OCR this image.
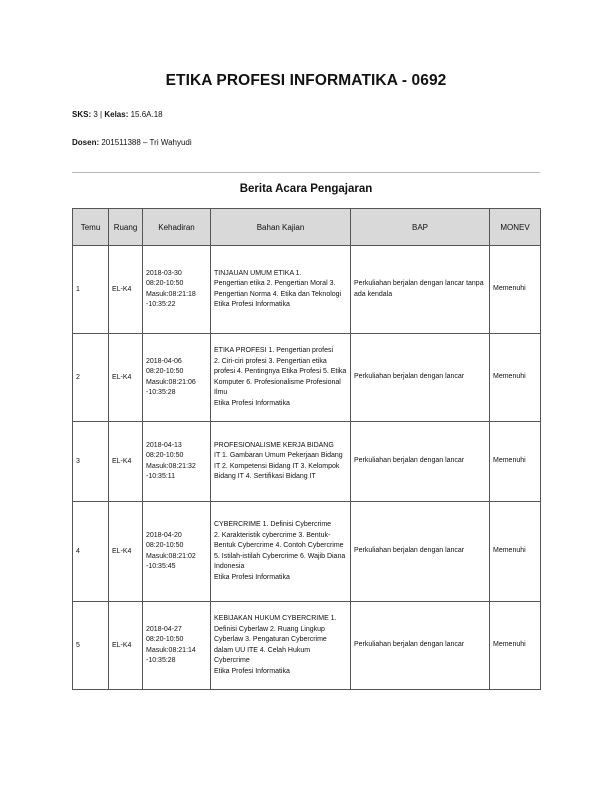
ETIKA PROFESI INFORMATIKA - 0692
SKS: 3 | Kelas: 15.6A.18
Dosen: 201511388 – Tri Wahyudi
Berita Acara Pengajaran
Temu	Ruang	Kehadiran	Bahan Kajian	BAP	MONEV
1	EL-K4	2018-03-30
08:20-10:50
Masuk:08:21:18
-10:35:22	TINJAUAN UMUM ETIKA 1.
Pengertian etika 2. Pengertian Moral 3. Pengertian Norma 4. Etika dan Teknologi
Etika Profesi Informatika	Perkuliahan berjalan dengan lancar tanpa ada kendala	Memenuhi
2	EL-K4	2018-04-06
08:20-10:50
Masuk:08:21:06
-10:35:28	ETIKA PROFESI 1. Pengertian profesi
2. Ciri-ciri profesi 3. Pengertian etika profesi 4. Pentingnya Etika Profesi 5. Etika Komputer 6. Profesionalisme Profesional Ilmu
Etika Profesi Informatika	Perkuliahan berjalan dengan lancar	Memenuhi
3	EL-K4	2018-04-13
08:20-10:50
Masuk:08:21:32
-10:35:11	PROFESIONALISME KERJA BIDANG
IT 1. Gambaran Umum Pekerjaan Bidang IT 2. Kompetensi Bidang IT 3. Kelompok Bidang IT 4. Sertifikasi Bidang IT	Perkuliahan berjalan dengan lancar	Memenuhi
4	EL-K4	2018-04-20
08:20-10:50
Masuk:08:21:02
-10:35:45	CYBERCRIME 1. Definisi Cybercrime
2. Karakteristik cybercrime 3. Bentuk-Bentuk Cybercrime 4. Contoh Cybercrime 5. Istilah-istilah Cybercrime 6. Wajib Diana Indonesia
Etika Profesi Informatika	Perkuliahan berjalan dengan lancar	Memenuhi
5	EL-K4	2018-04-27
08:20-10:50
Masuk:08:21:14
-10:35:28	KEBIJAKAN HUKUM CYBERCRIME 1.
Definisi Cyberlaw 2. Ruang Lingkup Cyberlaw 3. Pengaturan Cybercrime dalam UU ITE 4. Celah Hukum Cybercrime
Etika Profesi Informatika	Perkuliahan berjalan dengan lancar	Memenuhi
